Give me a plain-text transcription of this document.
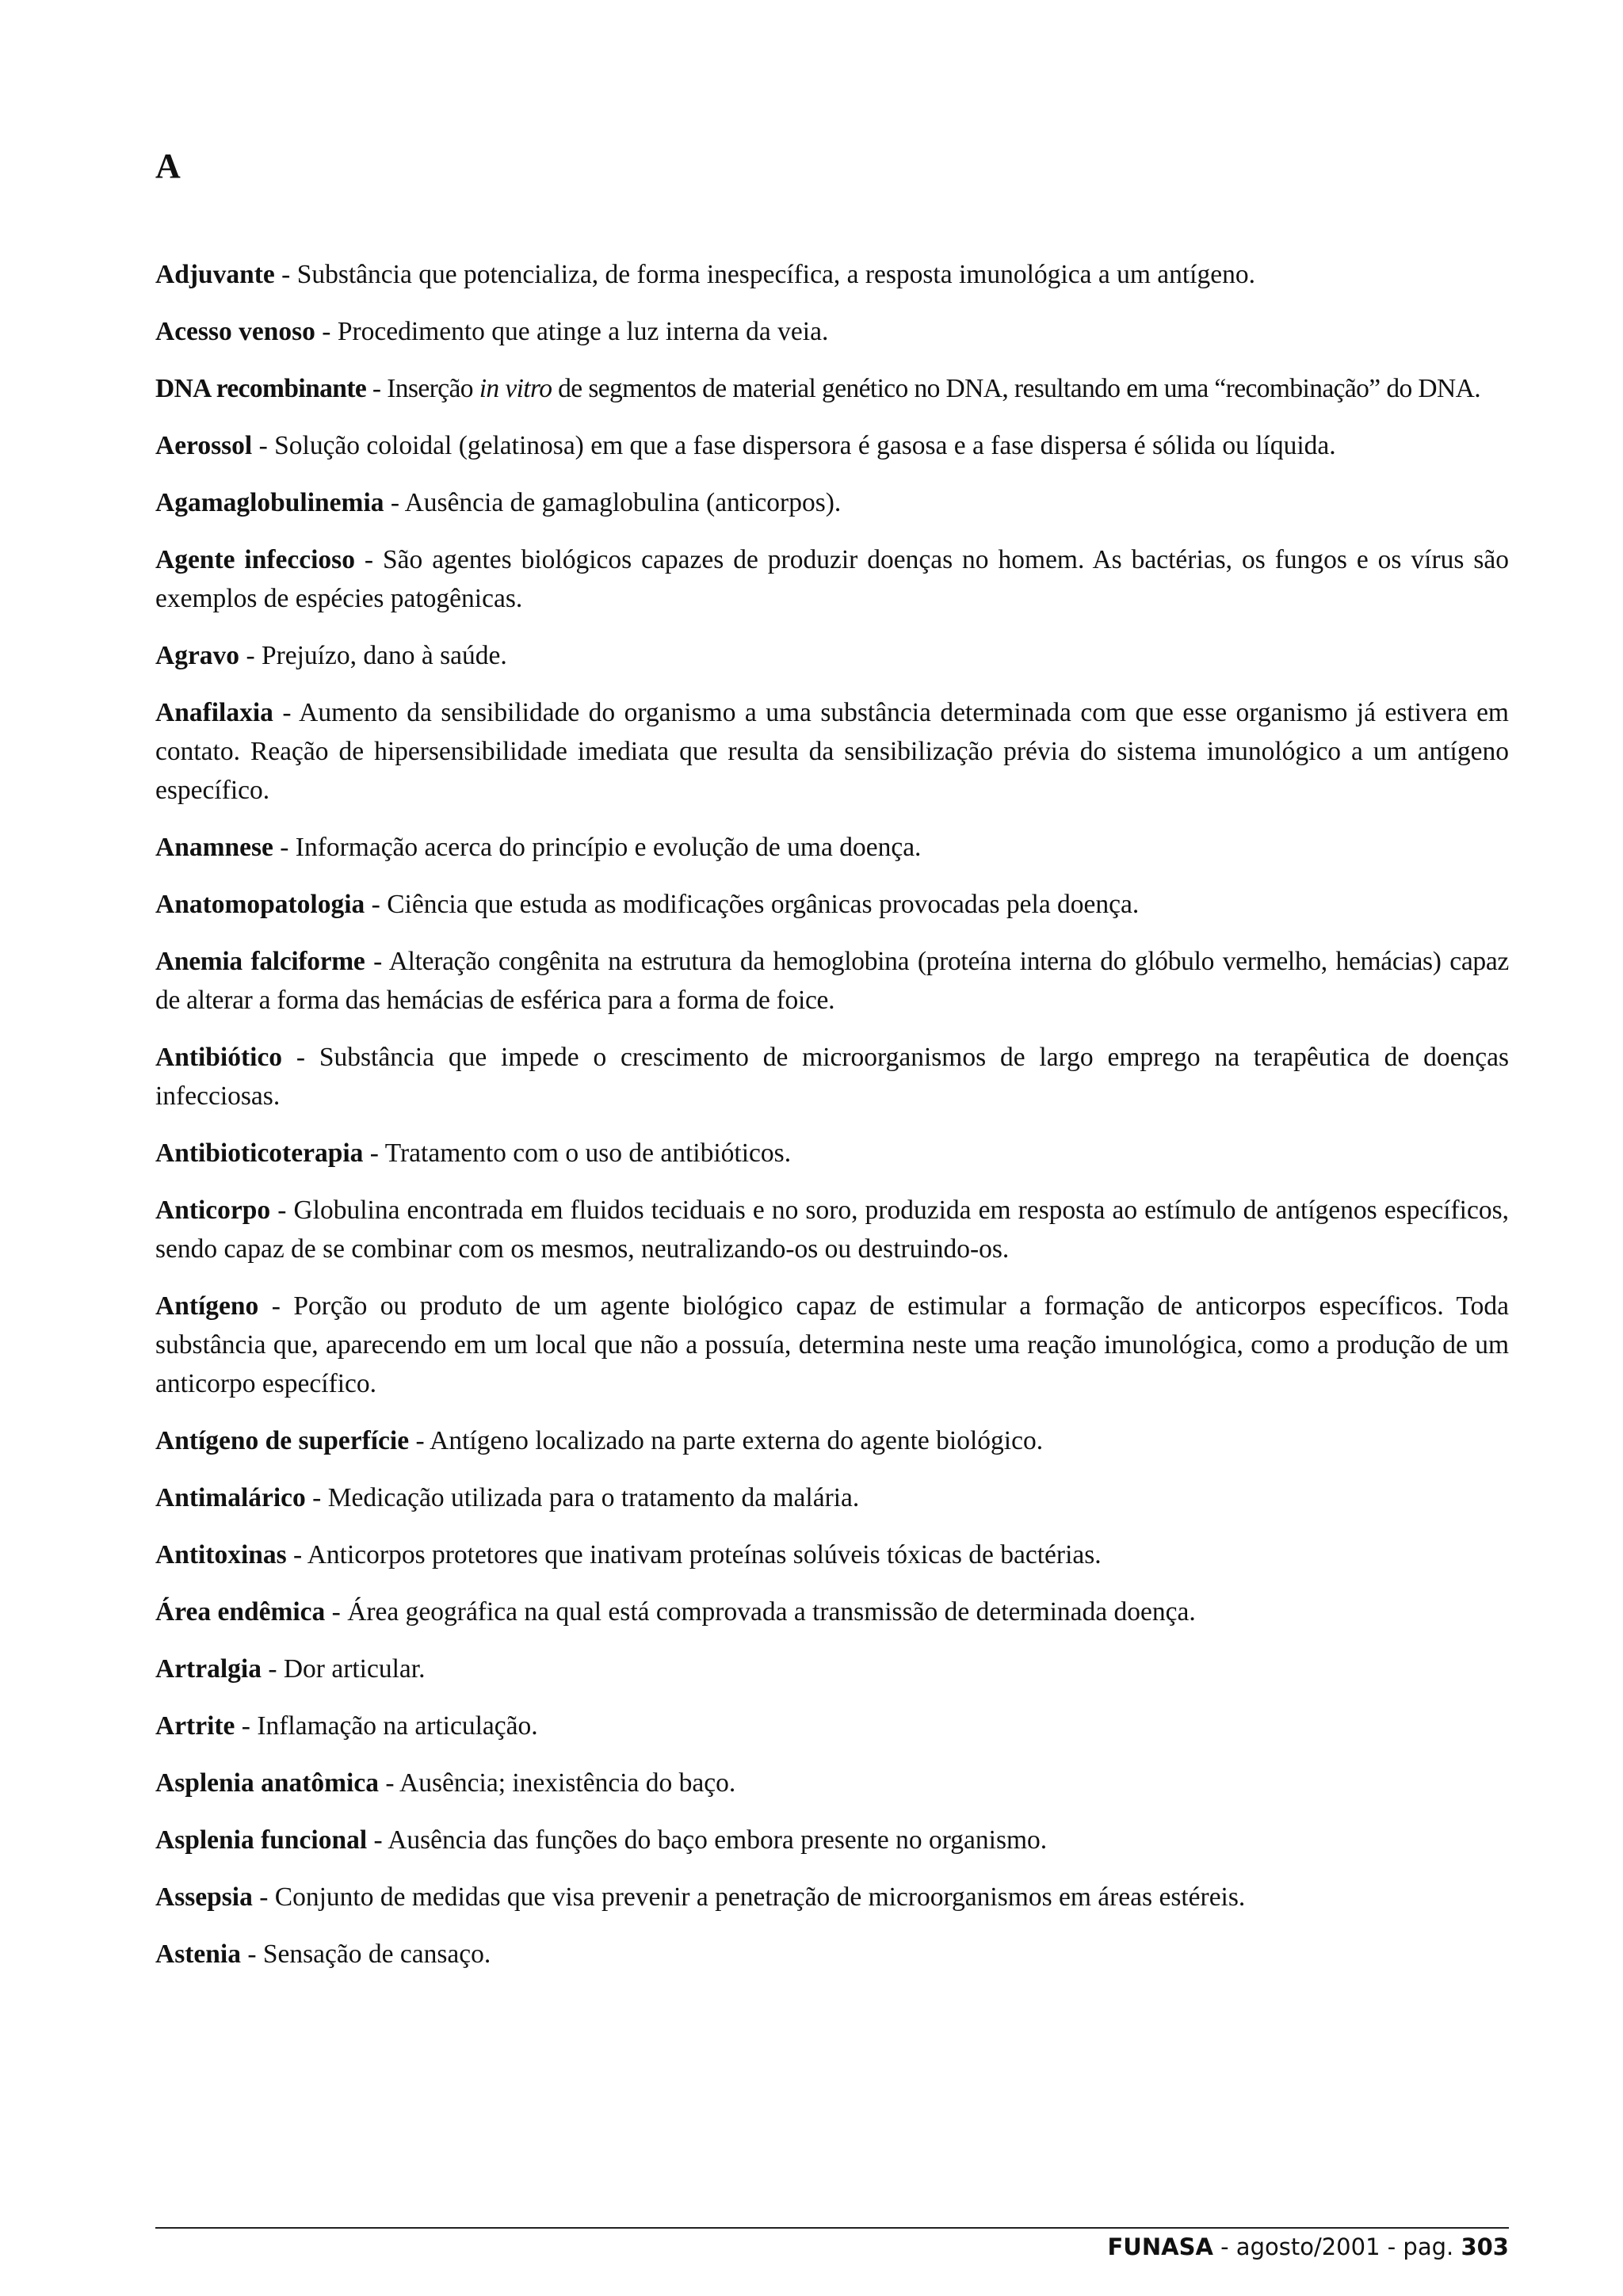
A

Adjuvante - Substância que potencializa, de forma inespecífica, a resposta imunológica a um antígeno.

Acesso venoso - Procedimento que atinge a luz interna da veia.

DNA recombinante - Inserção in vitro de segmentos de material genético no DNA, resultando em uma “recombinação” do DNA.

Aerossol - Solução coloidal (gelatinosa) em que a fase dispersora é gasosa e a fase dispersa é sólida ou líquida.

Agamaglobulinemia - Ausência de gamaglobulina (anticorpos).

Agente infeccioso - São agentes biológicos capazes de produzir doenças no homem. As bactérias, os fungos e os vírus são exemplos de espécies patogênicas.

Agravo - Prejuízo, dano à saúde.

Anafilaxia - Aumento da sensibilidade do organismo a uma substância determinada com que esse organismo já estivera em contato. Reação de hipersensibilidade imediata que resulta da sensibilização prévia do sistema imunológico a um antígeno específico.

Anamnese - Informação acerca do princípio e evolução de uma doença.

Anatomopatologia - Ciência que estuda as modificações orgânicas provocadas pela doença.

Anemia falciforme - Alteração congênita na estrutura da hemoglobina (proteína interna do glóbulo vermelho, hemácias) capaz de alterar a forma das hemácias de esférica para a forma de foice.

Antibiótico - Substância que impede o crescimento de microorganismos de largo emprego na terapêutica de doenças infecciosas.

Antibioticoterapia - Tratamento com o uso de antibióticos.

Anticorpo - Globulina encontrada em fluidos teciduais e no soro, produzida em resposta ao estímulo de antígenos específicos, sendo capaz de se combinar com os mesmos, neutralizando-os ou destruindo-os.

Antígeno - Porção ou produto de um agente biológico capaz de estimular a formação de anticorpos específicos. Toda substância que, aparecendo em um local que não a possuía, determina neste uma reação imunológica, como a produção de um anticorpo específico.

Antígeno de superfície - Antígeno localizado na parte externa do agente biológico.

Antimalárico - Medicação utilizada para o tratamento da malária.

Antitoxinas - Anticorpos protetores que inativam proteínas solúveis tóxicas de bactérias.

Área endêmica - Área geográfica na qual está comprovada a transmissão de determinada doença.

Artralgia - Dor articular.

Artrite - Inflamação na articulação.

Asplenia anatômica - Ausência; inexistência do baço.

Asplenia funcional - Ausência das funções do baço embora presente no organismo.

Assepsia - Conjunto de medidas que visa prevenir a penetração de microorganismos em áreas estéreis.

Astenia - Sensação de cansaço.

FUNASA - agosto/2001 - pag. 303
